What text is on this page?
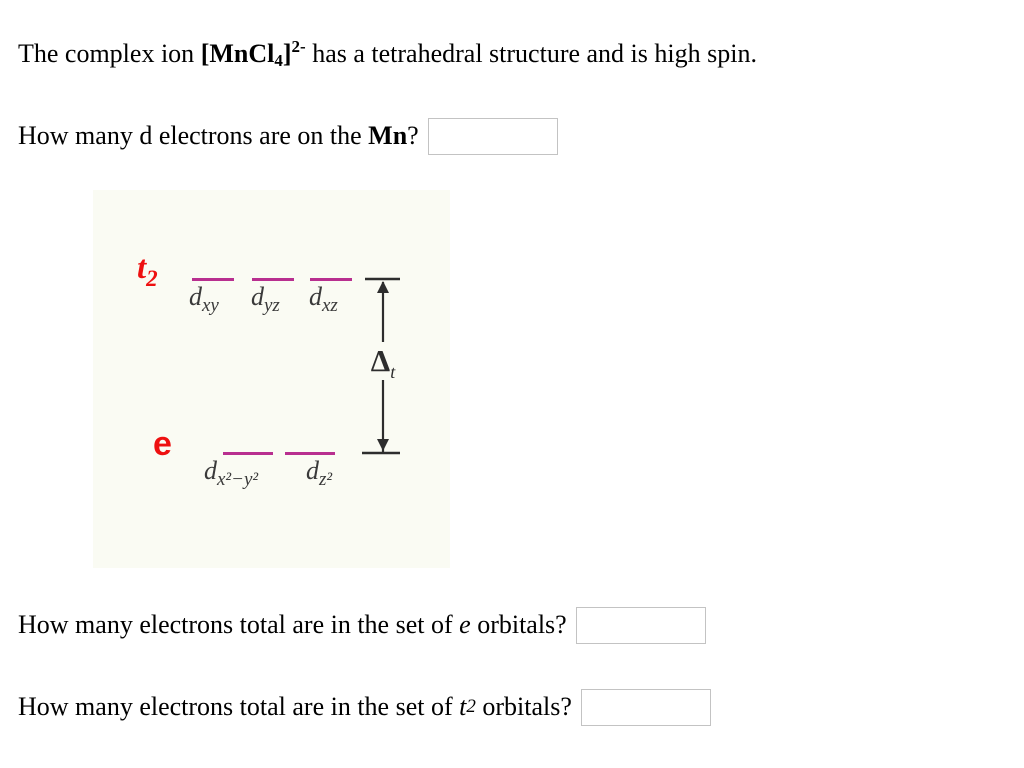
The complex ion [MnCl4]$^{2-}$ has a tetrahedral structure and is high spin.
How many d electrons are on the Mn ?
$t_2$
$d_{xy}$ $d_{yz}$ $d_{xz}$
Δt
e
$d_{x^2-y^2}$ $d_{z^2}$
How many electrons total are in the set of e orbitals?
How many electrons total are in the set of t 2 orbitals?
